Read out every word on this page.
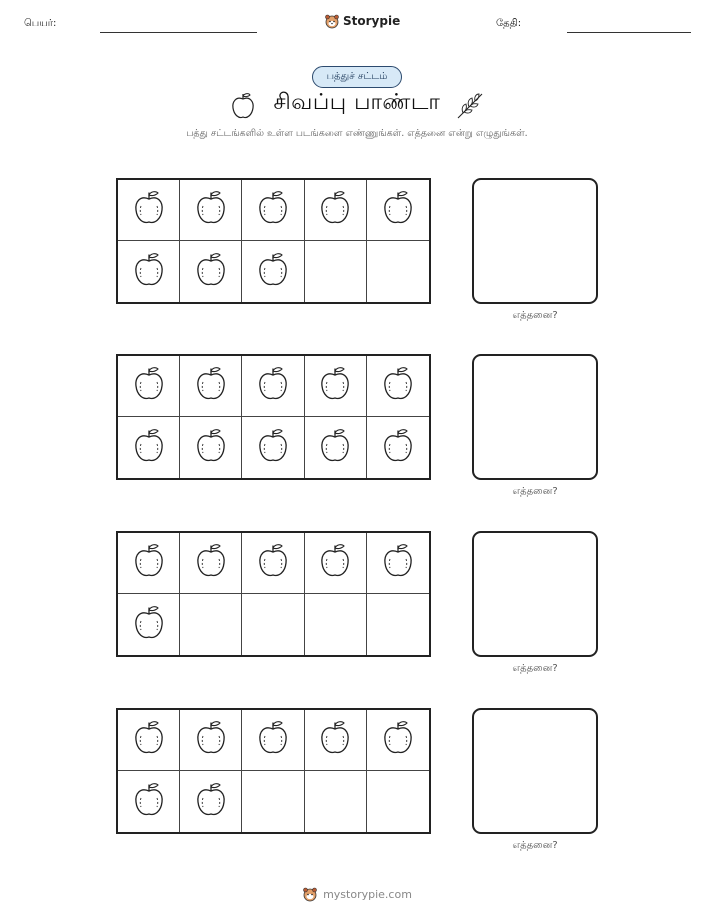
பெயர்:	Storypie	தேதி:
பத்துச் சட்டம்
சிவப்பு பாண்டா
பத்து சட்டங்களில் உள்ள படங்களை எண்ணுங்கள். எத்தனை என்று எழுதுங்கள்.
எத்தனை?
எத்தனை?
எத்தனை?
எத்தனை?
mystorypie.com
